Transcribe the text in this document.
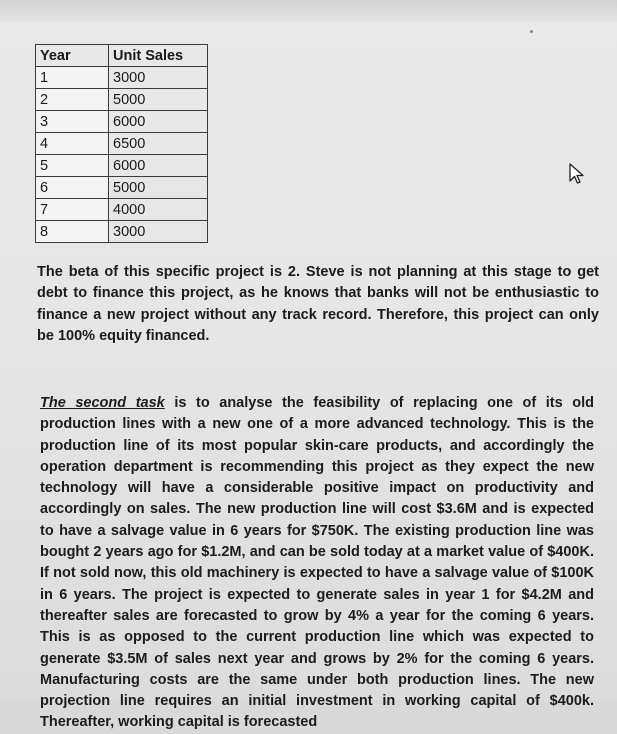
Year	Unit Sales
1	3000
2	5000
3	6000
4	6500
5	6000
6	5000
7	4000
8	3000
The beta of this specific project is 2. Steve is not planning at this stage to get debt to finance this project, as he knows that banks will not be enthusiastic to finance a new project without any track record. Therefore, this project can only be 100% equity financed.
The second task is to analyse the feasibility of replacing one of its old production lines with a new one of a more advanced technology. This is the production line of its most popular skin-care products, and accordingly the operation department is recommending this project as they expect the new technology will have a considerable positive impact on productivity and accordingly on sales. The new production line will cost $3.6M and is expected to have a salvage value in 6 years for $750K. The existing production line was bought 2 years ago for $1.2M, and can be sold today at a market value of $400K. If not sold now, this old machinery is expected to have a salvage value of $100K in 6 years. The project is expected to generate sales in year 1 for $4.2M and thereafter sales are forecasted to grow by 4% a year for the coming 6 years. This is as opposed to the current production line which was expected to generate $3.5M of sales next year and grows by 2% for the coming 6 years. Manufacturing costs are the same under both production lines. The new projection line requires an initial investment in working capital of $400k. Thereafter, working capital is forecasted
